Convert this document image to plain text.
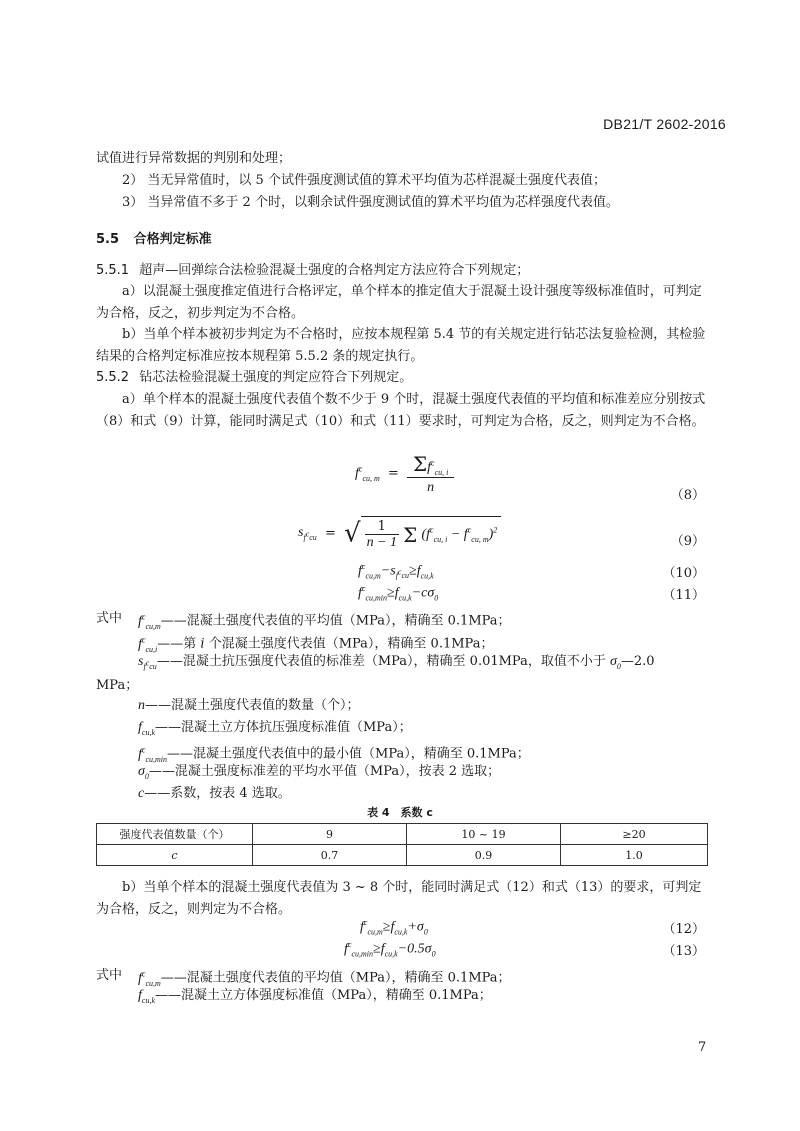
DB21/T 2602-2016
试值进行异常数据的判别和处理；
2） 当无异常值时，以 5 个试件强度测试值的算术平均值为芯样混凝土强度代表值；
3） 当异常值不多于 2 个时，以剩余试件强度测试值的算术平均值为芯样强度代表值。
5.5 合格判定标准
5.5.1 超声—回弹综合法检验混凝土强度的合格判定方法应符合下列规定；
a）以混凝土强度推定值进行合格评定，单个样本的推定值大于混凝土设计强度等级标准值时，可判定为合格，反之，初步判定为不合格。
b）当单个样本被初步判定为不合格时，应按本规程第 5.4 节的有关规定进行钻芯法复验检测，其检验结果的合格判定标准应按本规程第 5.5.2 条的规定执行。
5.5.2 钻芯法检验混凝土强度的判定应符合下列规定。
a）单个样本的混凝土强度代表值个数不少于 9 个时，混凝土强度代表值的平均值和标准差应分别按式（8）和式（9）计算，能同时满足式（10）和式（11）要求时，可判定为合格，反之，则判定为不合格。
$f^c_{cu, m} = \frac{\Sigma f^c_{cu, i}}{n}$	（8）
$s_{f^ccu}$ = √ $\frac{1}{n - 1}$ Σ $(f^c_{cu, i} - f^c_{cu, m})^2$
（9）
$f^c_{cu,m}-s_{f^ccu}\ge f_{cu,k}$	（10）
$f^c_{cu,min}\ge f_{cu,k}-c\sigma_0$	（11）
式中 $f^c_{cu,m}——$混凝土强度代表值的平均值（MPa），精确至 0.1MPa；
$f^c_{cu,i}——$第 i 个混凝土强度代表值（MPa），精确至 0.1MPa；
$s_{f^ccu}——$混凝土抗压强度代表值的标准差（MPa），精确至 0.01MPa，取值不小于 $\sigma_0—2.0$
MPa；
n——混凝土强度代表值的数量（个）；
$f_{cu,k}——$混凝土立方体抗压强度标准值（MPa）；
$f^c_{cu,min}——$混凝土强度代表值中的最小值（MPa），精确至 0.1MPa；
$\sigma_0——$混凝土强度标准差的平均水平值（MPa），按表 2 选取；
c——系数，按表 4 选取。
表 4　系数 c
强度代表值数量（个）	9	10 ~ 19	≥20
c	0.7	0.9	1.0
b）当单个样本的混凝土强度代表值为 3 ~ 8 个时，能同时满足式（12）和式（13）的要求，可判定为合格，反之，则判定为不合格。
$f^c_{cu,m}\ge f_{cu,k}+\sigma_0$	（12）
$f^c_{cu,min}\ge f_{cu,k}-0.5\sigma_0$	（13）
式中 $f^c_{cu,m}——$混凝土强度代表值的平均值（MPa），精确至 0.1MPa；
$f_{cu,k}——$混凝土立方体强度标准值（MPa），精确至 0.1MPa；
7
